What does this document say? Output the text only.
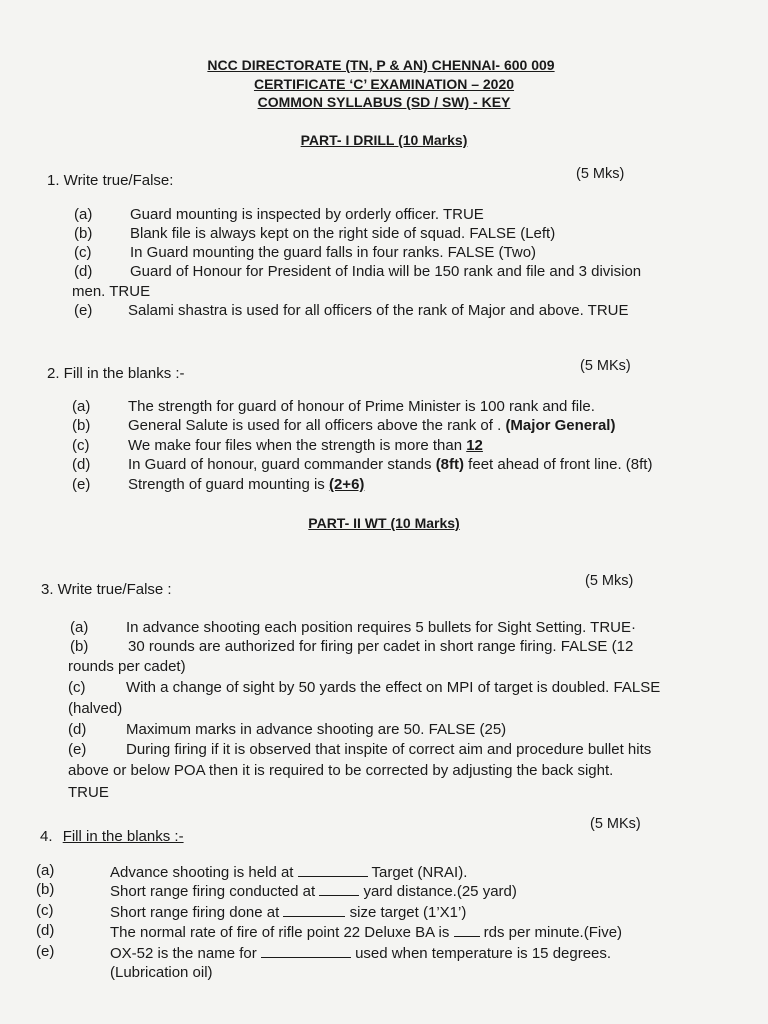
NCC DIRECTORATE (TN, P & AN) CHENNAI- 600 009
CERTIFICATE ‘C’ EXAMINATION – 2020
COMMON SYLLABUS (SD / SW) - KEY
PART- I DRILL (10 Marks)
1. Write true/False:	(5 Mks)
(a)	Guard mounting is inspected by orderly officer. TRUE
(b)	Blank file is always kept on the right side of squad. FALSE (Left)
(c)	In Guard mounting the guard falls in four ranks. FALSE (Two)
(d)	Guard of Honour for President of India will be 150 rank and file and 3 division
men. TRUE
(e) Salami shastra is used for all officers of the rank of Major and above. TRUE
2. Fill in the blanks :-	(5 MKs)
(a)	The strength for guard of honour of Prime Minister is 100 rank and file.
(b)	General Salute is used for all officers above the rank of . (Major General)
(c)	We make four files when the strength is more than 12
(d)	In Guard of honour, guard commander stands (8ft) feet ahead of front line. (8ft)
(e)	Strength of guard mounting is (2+6)
PART- II WT (10 Marks)
3. Write true/False :	(5 Mks)
(a)	In advance shooting each position requires 5 bullets for Sight Setting. TRUE·
(b)	30 rounds are authorized for firing per cadet in short range firing. FALSE (12
rounds per cadet)
(c)	With a change of sight by 50 yards the effect on MPI of target is doubled. FALSE
(halved)
(d)	Maximum marks in advance shooting are 50. FALSE (25)
(e)	During firing if it is observed that inspite of correct aim and procedure bullet hits
above or below POA then it is required to be corrected by adjusting the back sight.
TRUE
4. Fill in the blanks :-
(5 MKs)
(a)	Advance shooting is held at	Target (NRAI).
(b)	Short range firing conducted at	yard distance.(25 yard)
(c)	Short range firing done at	size target (1’X1’)
(d)	The normal rate of fire of rifle point 22 Deluxe BA is  rds per minute.(Five)
(e)	OX-52 is the name for	used when temperature is 15 degrees.
(Lubrication oil)
